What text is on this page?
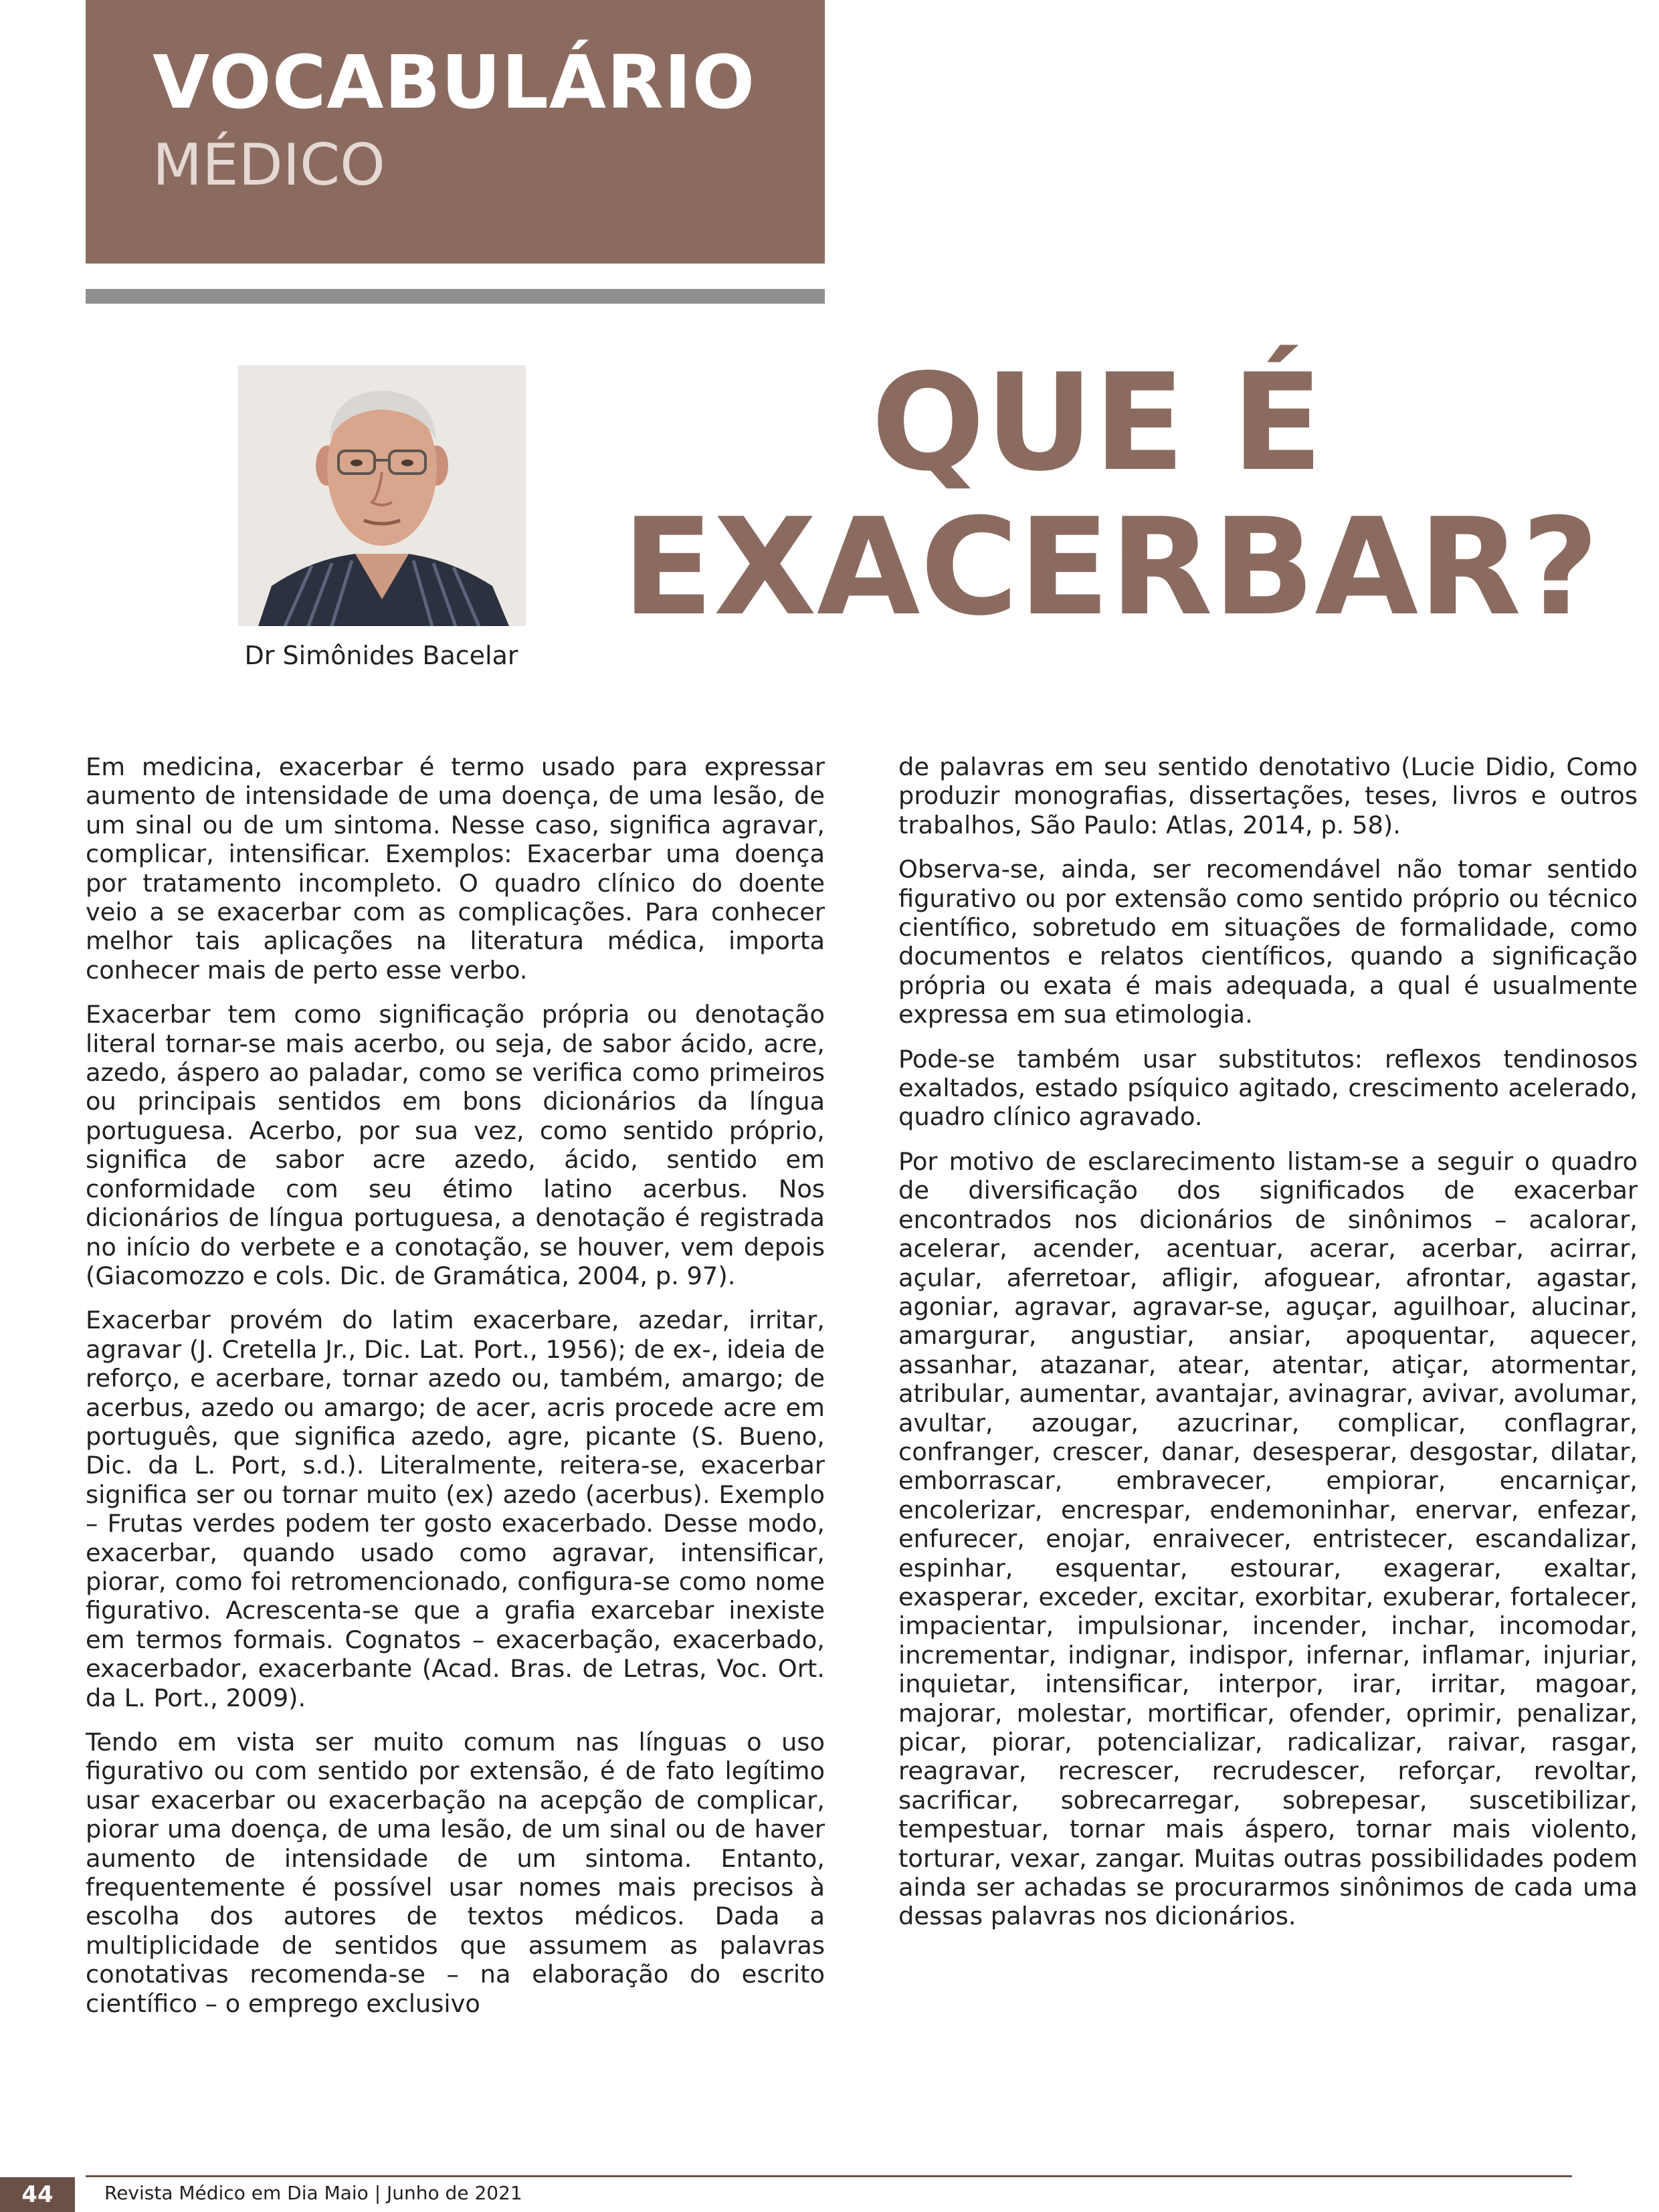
VOCABULÁRIO
MÉDICO
Dr Simônides Bacelar
QUE É
EXACERBAR?

Em medicina, exacerbar é termo usado para expressar aumento de intensidade de uma doença, de uma lesão, de um sinal ou de um sintoma. Nesse caso, significa agravar, complicar, intensificar. Exemplos: Exacerbar uma doença por tratamento incompleto. O quadro clínico do doente veio a se exacerbar com as complicações. Para conhecer melhor tais aplicações na literatura médica, importa conhecer mais de perto esse verbo.

Exacerbar tem como significação própria ou denotação literal tornar-se mais acerbo, ou seja, de sabor ácido, acre, azedo, áspero ao paladar, como se verifica como primeiros ou principais sentidos em bons dicionários da língua portuguesa. Acerbo, por sua vez, como sentido próprio, significa de sabor acre azedo, ácido, sentido em conformidade com seu étimo latino acerbus. Nos dicionários de língua portuguesa, a denotação é registrada no início do verbete e a conotação, se houver, vem depois (Giacomozzo e cols. Dic. de Gramática, 2004, p. 97).

Exacerbar provém do latim exacerbare, azedar, irritar, agravar (J. Cretella Jr., Dic. Lat. Port., 1956); de ex-, ideia de reforço, e acerbare, tornar azedo ou, também, amargo; de acerbus, azedo ou amargo; de acer, acris procede acre em português, que significa azedo, agre, picante (S. Bueno, Dic. da L. Port, s.d.). Literalmente, reitera-se, exacerbar significa ser ou tornar muito (ex) azedo (acerbus). Exemplo – Frutas verdes podem ter gosto exacerbado. Desse modo, exacerbar, quando usado como agravar, intensificar, piorar, como foi retromencionado, configura-se como nome figurativo. Acrescenta-se que a grafia exarcebar inexiste em termos formais. Cognatos – exacerbação, exacerbado, exacerbador, exacerbante (Acad. Bras. de Letras, Voc. Ort. da L. Port., 2009).

Tendo em vista ser muito comum nas línguas o uso figurativo ou com sentido por extensão, é de fato legítimo usar exacerbar ou exacerbação na acepção de complicar, piorar uma doença, de uma lesão, de um sinal ou de haver aumento de intensidade de um sintoma. Entanto, frequentemente é possível usar nomes mais precisos à escolha dos autores de textos médicos. Dada a multiplicidade de sentidos que assumem as palavras conotativas recomenda-se – na elaboração do escrito científico – o emprego exclusivo

de palavras em seu sentido denotativo (Lucie Didio, Como produzir monografias, dissertações, teses, livros e outros trabalhos, São Paulo: Atlas, 2014, p. 58).

Observa-se, ainda, ser recomendável não tomar sentido figurativo ou por extensão como sentido próprio ou técnico científico, sobretudo em situações de formalidade, como documentos e relatos científicos, quando a significação própria ou exata é mais adequada, a qual é usualmente expressa em sua etimologia.

Pode-se também usar substitutos: reflexos tendinosos exaltados, estado psíquico agitado, crescimento acelerado, quadro clínico agravado.

Por motivo de esclarecimento listam-se a seguir o quadro de diversificação dos significados de exacerbar encontrados nos dicionários de sinônimos – acalorar, acelerar, acender, acentuar, acerar, acerbar, acirrar, açular, aferretoar, afligir, afoguear, afrontar, agastar, agoniar, agravar, agravar-se, aguçar, aguilhoar, alucinar, amargurar, angustiar, ansiar, apoquentar, aquecer, assanhar, atazanar, atear, atentar, atiçar, atormentar, atribular, aumentar, avantajar, avinagrar, avivar, avolumar, avultar, azougar, azucrinar, complicar, conflagrar, confranger, crescer, danar, desesperar, desgostar, dilatar, emborrascar, embravecer, empiorar, encarniçar, encolerizar, encrespar, endemoninhar, enervar, enfezar, enfurecer, enojar, enraivecer, entristecer, escandalizar, espinhar, esquentar, estourar, exagerar, exaltar, exasperar, exceder, excitar, exorbitar, exuberar, fortalecer, impacientar, impulsionar, incender, inchar, incomodar, incrementar, indignar, indispor, infernar, inflamar, injuriar, inquietar, intensificar, interpor, irar, irritar, magoar, majorar, molestar, mortificar, ofender, oprimir, penalizar, picar, piorar, potencializar, radicalizar, raivar, rasgar, reagravar, recrescer, recrudescer, reforçar, revoltar, sacrificar, sobrecarregar, sobrepesar, suscetibilizar, tempestuar, tornar mais áspero, tornar mais violento, torturar, vexar, zangar. Muitas outras possibilidades podem ainda ser achadas se procurarmos sinônimos de cada uma dessas palavras nos dicionários.

44	Revista Médico em Dia Maio | Junho de 2021
